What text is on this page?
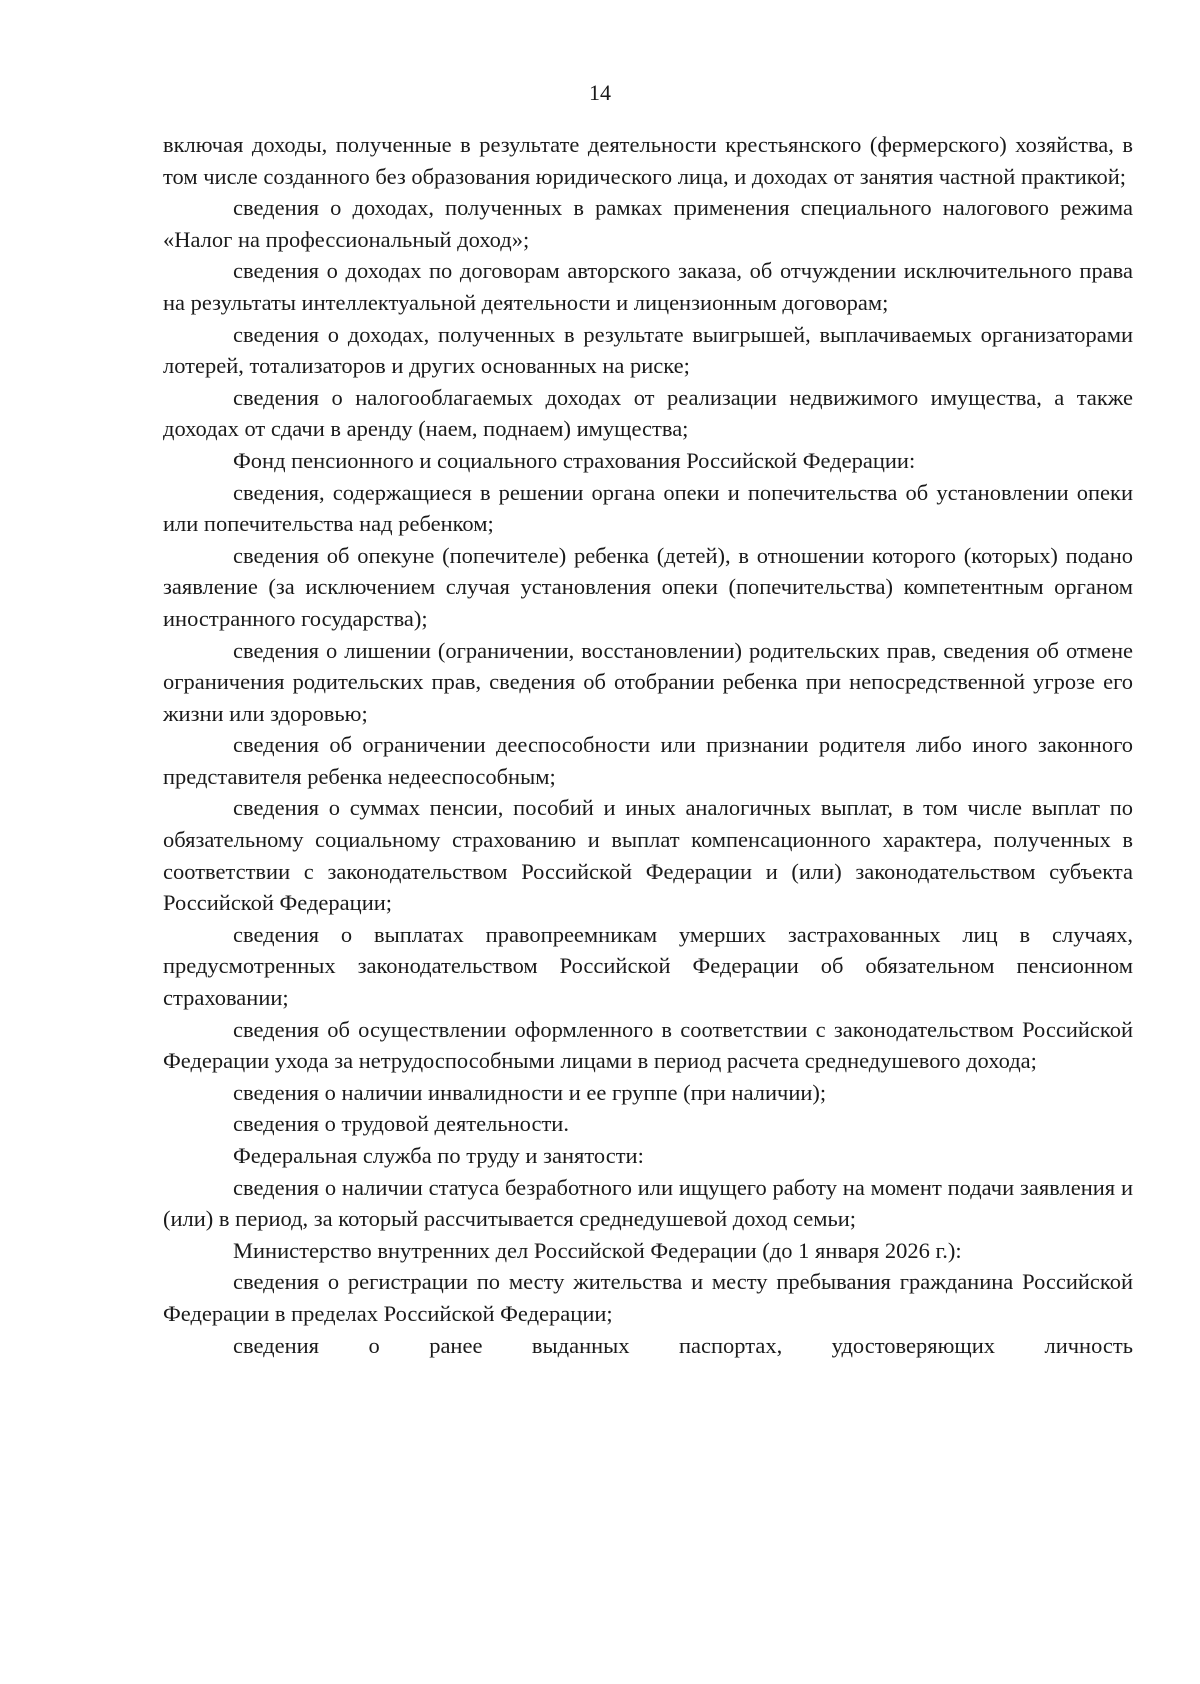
14

включая доходы, полученные в результате деятельности крестьянского (фермерского) хозяйства, в том числе созданного без образования юридического лица, и доходах от занятия частной практикой;

сведения о доходах, полученных в рамках применения специального налогового режима «Налог на профессиональный доход»;

сведения о доходах по договорам авторского заказа, об отчуждении исключительного права на результаты интеллектуальной деятельности и лицензионным договорам;

сведения о доходах, полученных в результате выигрышей, выплачиваемых организаторами лотерей, тотализаторов и других основанных на риске;

сведения о налогооблагаемых доходах от реализации недвижимого имущества, а также доходах от сдачи в аренду (наем, поднаем) имущества;

Фонд пенсионного и социального страхования Российской Федерации:

сведения, содержащиеся в решении органа опеки и попечительства об установлении опеки или попечительства над ребенком;

сведения об опекуне (попечителе) ребенка (детей), в отношении которого (которых) подано заявление (за исключением случая установления опеки (попечительства) компетентным органом иностранного государства);

сведения о лишении (ограничении, восстановлении) родительских прав, сведения об отмене ограничения родительских прав, сведения об отобрании ребенка при непосредственной угрозе его жизни или здоровью;

сведения об ограничении дееспособности или признании родителя либо иного законного представителя ребенка недееспособным;

сведения о суммах пенсии, пособий и иных аналогичных выплат, в том числе выплат по обязательному социальному страхованию и выплат компенсационного характера, полученных в соответствии с законодательством Российской Федерации и (или) законодательством субъекта Российской Федерации;

сведения о выплатах правопреемникам умерших застрахованных лиц в случаях, предусмотренных законодательством Российской Федерации об обязательном пенсионном страховании;

сведения об осуществлении оформленного в соответствии с законодательством Российской Федерации ухода за нетрудоспособными лицами в период расчета среднедушевого дохода;

сведения о наличии инвалидности и ее группе (при наличии);

сведения о трудовой деятельности.

Федеральная служба по труду и занятости:

сведения о наличии статуса безработного или ищущего работу на момент подачи заявления и (или) в период, за который рассчитывается среднедушевой доход семьи;

Министерство внутренних дел Российской Федерации (до 1 января 2026 г.):

сведения о регистрации по месту жительства и месту пребывания гражданина Российской Федерации в пределах Российской Федерации;

сведения о ранее выданных паспортах, удостоверяющих личность
